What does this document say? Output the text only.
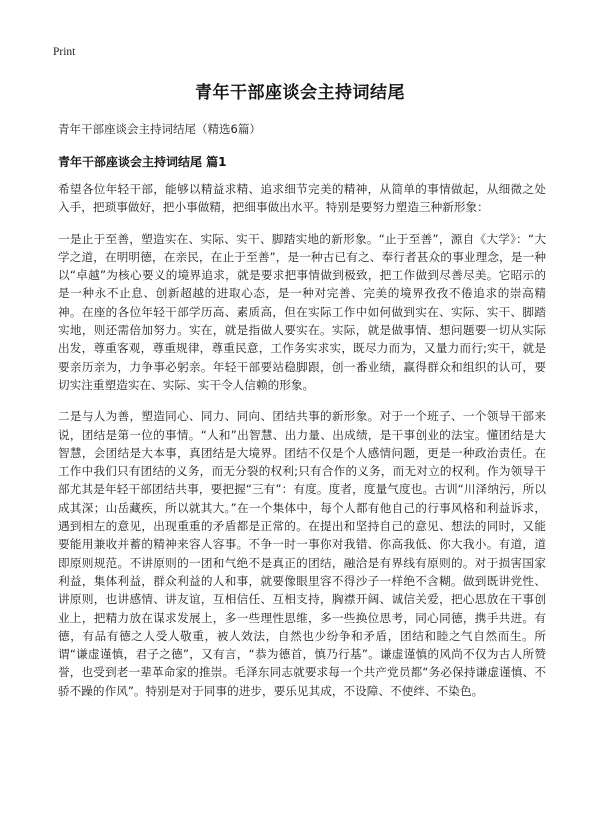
Print
青年干部座谈会主持词结尾
青年干部座谈会主持词结尾（精选6篇）
青年干部座谈会主持词结尾 篇1

希望各位年轻干部，能够以精益求精、追求细节完美的精神，从简单的事情做起，从细微之处入手，把琐事做好，把小事做精，把细事做出水平。特别是要努力塑造三种新形象：

一是止于至善，塑造实在、实际、实干、脚踏实地的新形象。“止于至善”，源自《大学》：“大学之道，在明明德，在亲民，在止于至善”，是一种古已有之、奉行者甚众的事业理念，是一种以“卓越”为核心要义的境界追求，就是要求把事情做到极致，把工作做到尽善尽美。它昭示的是一种永不止息、创新超越的进取心态，是一种对完善、完美的境界孜孜不倦追求的崇高精神。在座的各位年轻干部学历高、素质高，但在实际工作中如何做到实在、实际、实干、脚踏实地，则还需倍加努力。实在，就是指做人要实在。实际，就是做事情、想问题要一切从实际出发，尊重客观，尊重规律，尊重民意，工作务实求实，既尽力而为，又量力而行;实干，就是要亲历亲为，力争事必躬亲。年轻干部要站稳脚跟，创一番业绩，赢得群众和组织的认可，要切实注重塑造实在、实际、实干令人信赖的形象。

二是与人为善，塑造同心、同力、同向、团结共事的新形象。对于一个班子、一个领导干部来说，团结是第一位的事情。“人和”出智慧、出力量、出成绩，是干事创业的法宝。懂团结是大智慧，会团结是大本事，真团结是大境界。团结不仅是个人感情问题，更是一种政治责任。在工作中我们只有团结的义务，而无分裂的权利;只有合作的义务，而无对立的权利。作为领导干部尤其是年轻干部团结共事，要把握“三有”：有度。度者，度量气度也。古训“川泽纳污，所以成其深；山岳藏疾，所以就其大。”在一个集体中，每个人都有他自己的行事风格和利益诉求，遇到相左的意见，出现重重的矛盾都是正常的。在提出和坚持自己的意见、想法的同时，又能要能用兼收并蓄的精神来容人容事。不争一时一事你对我错、你高我低、你大我小。有道，道即原则规范。不讲原则的一团和气绝不是真正的团结，融洽是有界线有原则的。对于损害国家利益，集体利益，群众利益的人和事，就要像眼里容不得沙子一样绝不含糊。做到既讲党性、讲原则，也讲感情、讲友谊，互相信任、互相支持，胸襟开阔、诚信关爱，把心思放在干事创业上，把精力放在谋求发展上，多一些理性思维，多一些换位思考，同心同德，携手共进。有德，有品有德之人受人敬重，被人效法，自然也少纷争和矛盾，团结和睦之气自然而生。所谓“谦虚谨慎，君子之德”，又有言，“恭为德首，慎乃行基”。谦虚谨慎的风尚不仅为古人所赞誉，也受到老一辈革命家的推崇。毛泽东同志就要求每一个共产党员都“务必保持谦虚谨慎、不骄不躁的作风”。特别是对于同事的进步，要乐见其成，不设障、不使绊、不染色。
